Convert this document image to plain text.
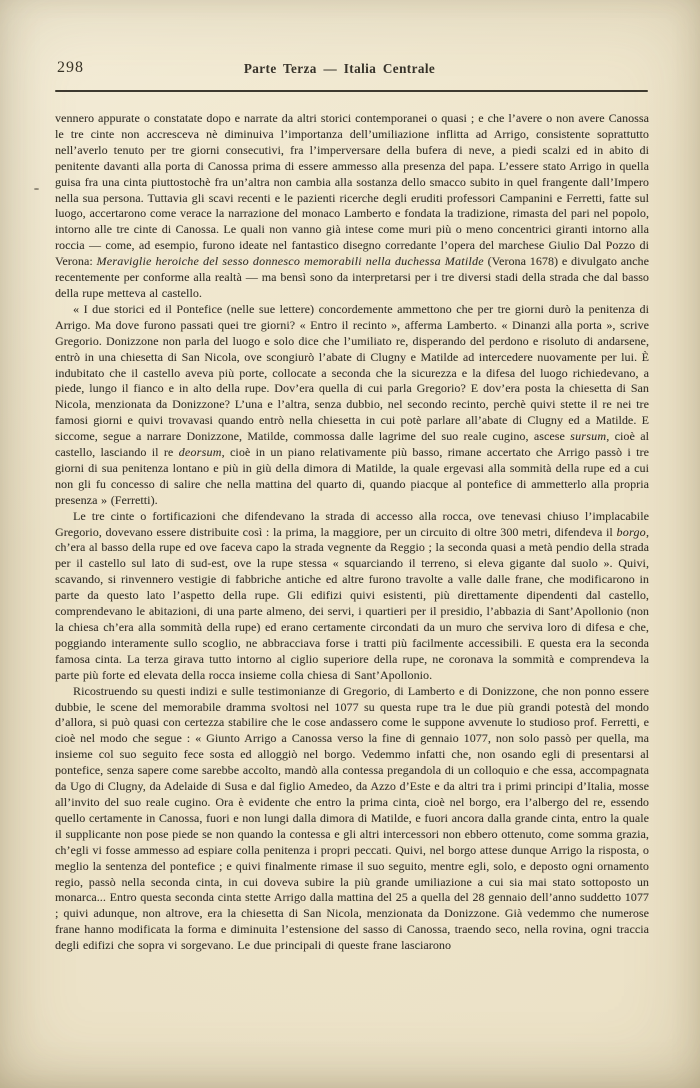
298	Parte Terza — Italia Centrale

vennero appurate o constatate dopo e narrate da altri storici contemporanei o quasi ; e che l’avere o non avere Canossa le tre cinte non accresceva nè diminuiva l’importanza dell’umiliazione inflitta ad Arrigo, consistente soprattutto nell’averlo tenuto per tre giorni consecutivi, fra l’imperversare della bufera di neve, a piedi scalzi ed in abito di penitente davanti alla porta di Canossa prima di essere ammesso alla presenza del papa. L’essere stato Arrigo in quella guisa fra una cinta piuttostochè fra un’altra non cambia alla sostanza dello smacco subito in quel frangente dall’Impero nella sua persona. Tuttavia gli scavi recenti e le pazienti ricerche degli eruditi professori Campanini e Ferretti, fatte sul luogo, accertarono come verace la narrazione del monaco Lamberto e fondata la tradizione, rimasta del pari nel popolo, intorno alle tre cinte di Canossa. Le quali non vanno già intese come muri più o meno concentrici giranti intorno alla roccia — come, ad esempio, furono ideate nel fantastico disegno corredante l’opera del marchese Giulio Dal Pozzo di Verona: Meraviglie heroiche del sesso donnesco memorabili nella duchessa Matilde (Verona 1678) e divulgato anche recentemente per conforme alla realtà — ma bensì sono da interpretarsi per i tre diversi stadi della strada che dal basso della rupe metteva al castello.

« I due storici ed il Pontefice (nelle sue lettere) concordemente ammettono che per tre giorni durò la penitenza di Arrigo. Ma dove furono passati quei tre giorni? « Entro il recinto », afferma Lamberto. « Dinanzi alla porta », scrive Gregorio. Donizzone non parla del luogo e solo dice che l’umiliato re, disperando del perdono e risoluto di andarsene, entrò in una chiesetta di San Nicola, ove scongiurò l’abate di Clugny e Matilde ad intercedere nuovamente per lui. È indubitato che il castello aveva più porte, collocate a seconda che la sicurezza e la difesa del luogo richiedevano, a piede, lungo il fianco e in alto della rupe. Dov’era quella di cui parla Gregorio? E dov’era posta la chiesetta di San Nicola, menzionata da Donizzone? L’una e l’altra, senza dubbio, nel secondo recinto, perchè quivi stette il re nei tre famosi giorni e quivi trovavasi quando entrò nella chiesetta in cui potè parlare all’abate di Clugny ed a Matilde. E siccome, segue a narrare Donizzone, Matilde, commossa dalle lagrime del suo reale cugino, ascese sursum, cioè al castello, lasciando il re deorsum, cioè in un piano relativamente più basso, rimane accertato che Arrigo passò i tre giorni di sua penitenza lontano e più in giù della dimora di Matilde, la quale ergevasi alla sommità della rupe ed a cui non gli fu concesso di salire che nella mattina del quarto di, quando piacque al pontefice di ammetterlo alla propria presenza » (Ferretti).

Le tre cinte o fortificazioni che difendevano la strada di accesso alla rocca, ove tenevasi chiuso l’implacabile Gregorio, dovevano essere distribuite così : la prima, la maggiore, per un circuito di oltre 300 metri, difendeva il borgo, ch’era al basso della rupe ed ove faceva capo la strada vegnente da Reggio ; la seconda quasi a metà pendio della strada per il castello sul lato di sud-est, ove la rupe stessa « squarciando il terreno, si eleva gigante dal suolo ». Quivi, scavando, si rinvennero vestigie di fabbriche antiche ed altre furono travolte a valle dalle frane, che modificarono in parte da questo lato l’aspetto della rupe. Gli edifizi quivi esistenti, più direttamente dipendenti dal castello, comprendevano le abitazioni, di una parte almeno, dei servi, i quartieri per il presidio, l’abbazia di Sant’Apollonio (non la chiesa ch’era alla sommità della rupe) ed erano certamente circondati da un muro che serviva loro di difesa e che, poggiando interamente sullo scoglio, ne abbracciava forse i tratti più facilmente accessibili. E questa era la seconda famosa cinta. La terza girava tutto intorno al ciglio superiore della rupe, ne coronava la sommità e comprendeva la parte più forte ed elevata della rocca insieme colla chiesa di Sant’Apollonio.

Ricostruendo su questi indizi e sulle testimonianze di Gregorio, di Lamberto e di Donizzone, che non ponno essere dubbie, le scene del memorabile dramma svoltosi nel 1077 su questa rupe tra le due più grandi potestà del mondo d’allora, si può quasi con certezza stabilire che le cose andassero come le suppone avvenute lo studioso prof. Ferretti, e cioè nel modo che segue : « Giunto Arrigo a Canossa verso la fine di gennaio 1077, non solo passò per quella, ma insieme col suo seguito fece sosta ed alloggiò nel borgo. Vedemmo infatti che, non osando egli di presentarsi al pontefice, senza sapere come sarebbe accolto, mandò alla contessa pregandola di un colloquio e che essa, accompagnata da Ugo di Clugny, da Adelaide di Susa e dal figlio Amedeo, da Azzo d’Este e da altri tra i primi principi d’Italia, mosse all’invito del suo reale cugino. Ora è evidente che entro la prima cinta, cioè nel borgo, era l’albergo del re, essendo quello certamente in Canossa, fuori e non lungi dalla dimora di Matilde, e fuori ancora dalla grande cinta, entro la quale il supplicante non pose piede se non quando la contessa e gli altri intercessori non ebbero ottenuto, come somma grazia, ch’egli vi fosse ammesso ad espiare colla penitenza i propri peccati. Quivi, nel borgo attese dunque Arrigo la risposta, o meglio la sentenza del pontefice ; e quivi finalmente rimase il suo seguito, mentre egli, solo, e deposto ogni ornamento regio, passò nella seconda cinta, in cui doveva subire la più grande umiliazione a cui sia mai stato sottoposto un monarca... Entro questa seconda cinta stette Arrigo dalla mattina del 25 a quella del 28 gennaio dell’anno suddetto 1077 ; quivi adunque, non altrove, era la chiesetta di San Nicola, menzionata da Donizzone. Già vedemmo che numerose frane hanno modificata la forma e diminuita l’estensione del sasso di Canossa, traendo seco, nella rovina, ogni traccia degli edifizi che sopra vi sorgevano. Le due principali di queste frane lasciarono
